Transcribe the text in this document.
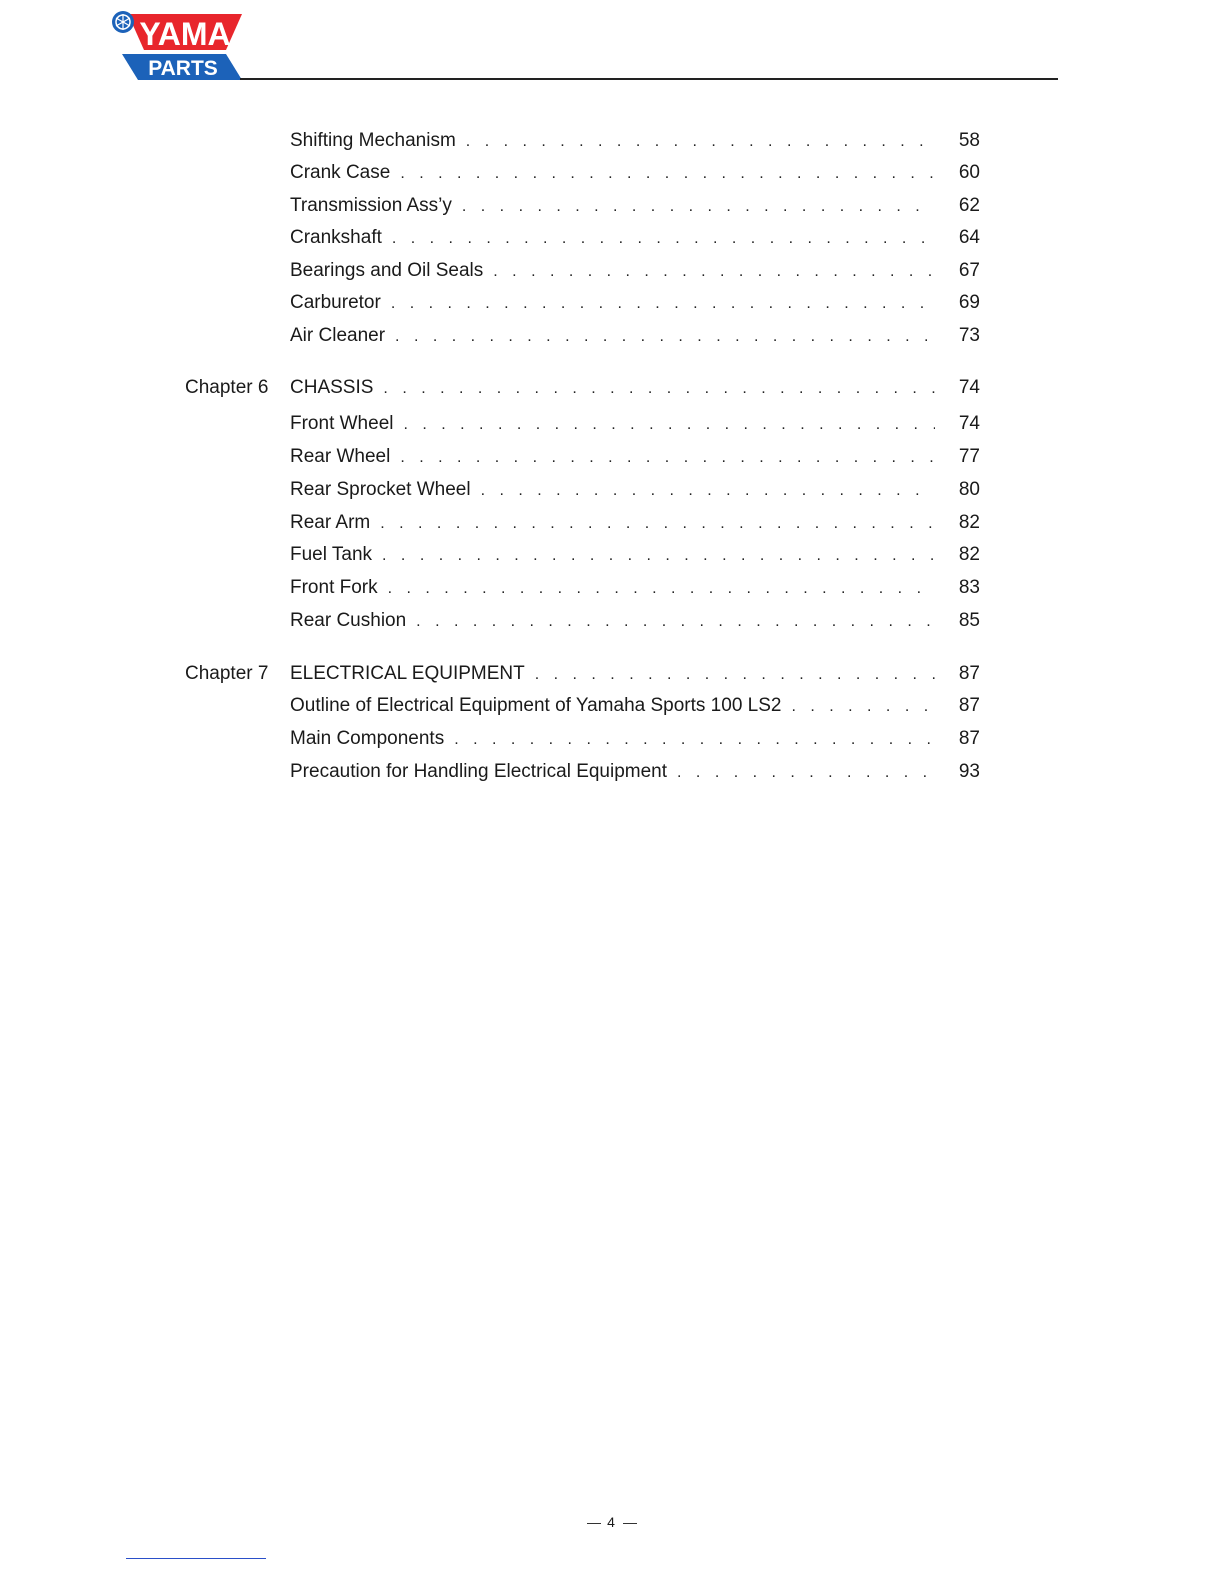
YAMA
PARTS
Shifting Mechanism . . .	58
Crank Case . . .	60
Transmission Ass’y . . .	62
Crankshaft . . .	64
Bearings and Oil Seals . . .	67
Carburetor . . .	69
Air Cleaner . . .	73
Chapter 6	CHASSIS . . .	74
Front Wheel . . .	74
Rear Wheel . . .	77
Rear Sprocket Wheel . . .	80
Rear Arm . . .	82
Fuel Tank . . .	82
Front Fork . . .	83
Rear Cushion . . .	85
Chapter 7	ELECTRICAL EQUIPMENT . . .	87
Outline of Electrical Equipment of Yamaha Sports 100 LS2 . . .	87
Main Components . . .	87
Precaution for Handling Electrical Equipment . . .	93
4
